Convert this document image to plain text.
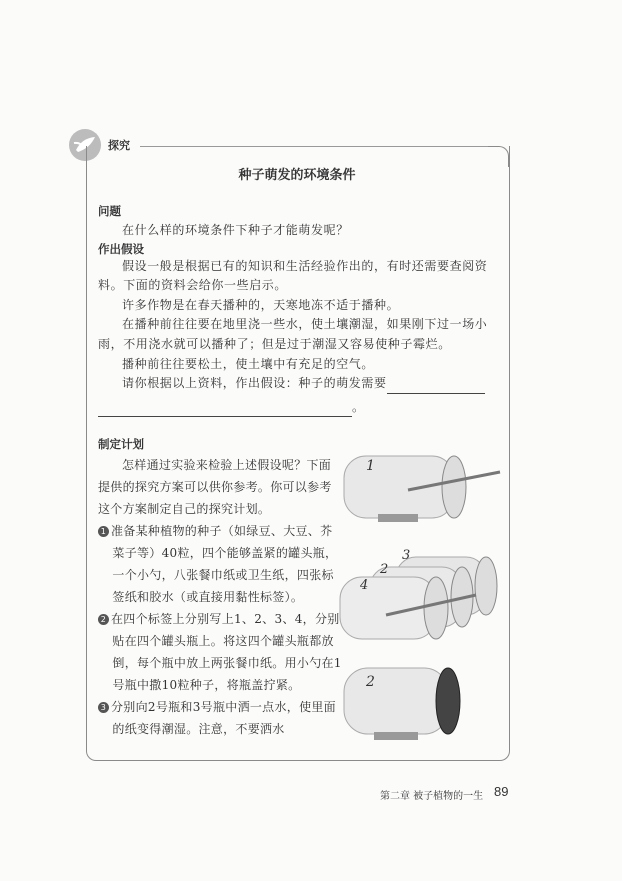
探究
种子萌发的环境条件
问题
在什么样的环境条件下种子才能萌发呢？
作出假设
假设一般是根据已有的知识和生活经验作出的，有时还需要查阅资料。下面的资料会给你一些启示。
许多作物是在春天播种的，天寒地冻不适于播种。
在播种前往往要在地里浇一些水，使土壤潮湿，如果刚下过一场小雨，不用浇水就可以播种了；但是过于潮湿又容易使种子霉烂。
播种前往往要松土，使土壤中有充足的空气。
请你根据以上资料，作出假设：种子的萌发需要
。
制定计划
怎样通过实验来检验上述假设呢？下面提供的探究方案可以供你参考。你可以参考这个方案制定自己的探究计划。
1 准备某种植物的种子（如绿豆、大豆、芥菜子等）40粒，四个能够盖紧的罐头瓶，一个小勺，八张餐巾纸或卫生纸，四张标签纸和胶水（或直接用黏性标签）。
2 在四个标签上分别写上1、2、3、4，分别贴在四个罐头瓶上。将这四个罐头瓶都放倒，每个瓶中放上两张餐巾纸。用小勺在1号瓶中撒10粒种子，将瓶盖拧紧。
3 分别向2号瓶和3号瓶中洒一点水，使里面的纸变得潮湿。注意，不要洒水
1
3
2
4
2
第二章 被子植物的一生 89
